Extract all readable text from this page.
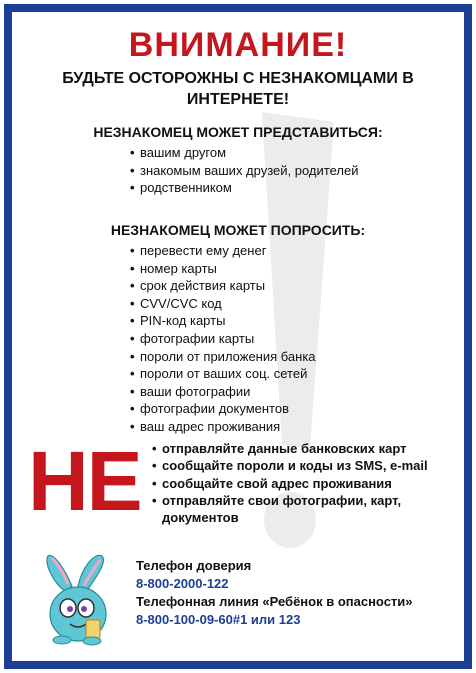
ВНИМАНИЕ!
БУДЬТЕ ОСТОРОЖНЫ С НЕЗНАКОМЦАМИ В ИНТЕРНЕТЕ!
НЕЗНАКОМЕЦ МОЖЕТ ПРЕДСТАВИТЬСЯ:
• вашим другом
• знакомым ваших друзей, родителей
• родственником
НЕЗНАКОМЕЦ МОЖЕТ ПОПРОСИТЬ:
• перевести ему денег
• номер карты
• срок действия карты
• CVV/CVC код
• PIN-код карты
• фотографии карты
• пороли от приложения банка
• пороли от ваших соц. сетей
• ваши фотографии
• фотографии документов
• ваш адрес проживания
НЕ • отправляйте данные банковских карт
• сообщайте пороли и коды из SMS, e-mail
• сообщайте свой адрес проживания
• отправляйте свои фотографии, карт, документов
Телефон доверия
8-800-2000-122
Телефонная линия «Ребёнок в опасности»
8-800-100-09-60#1 или 123
